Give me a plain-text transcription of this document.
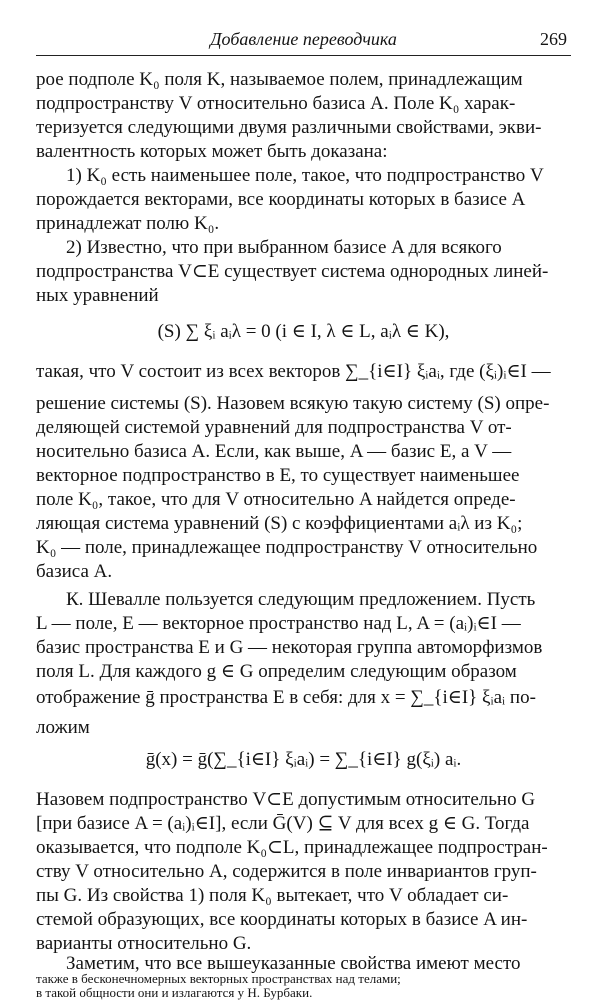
Добавление переводчика	269
рое подполе K₀ поля K, называемое полем, принадлежащим
подпространству V относительно базиса A. Поле K₀ харак-
теризуется следующими двумя различными свойствами, экви-
валентность которых может быть доказана:
1) K₀ есть наименьшее поле, такое, что подпространство V
порождается векторами, все координаты которых в базисе A
принадлежат полю K₀.
2) Известно, что при выбранном базисе A для всякого
подпространства V⊂E существует система однородных линей-
ных уравнений
(S) ∑ ξᵢ aᵢλ = 0 (i ∈ I, λ ∈ L, aᵢλ ∈ K),
такая, что V состоит из всех векторов ∑_{i∈I} ξᵢaᵢ, где (ξᵢ)ᵢ∈I —
решение системы (S). Назовем всякую такую систему (S) опре-
деляющей системой уравнений для подпространства V от-
носительно базиса A. Если, как выше, A — базис E, а V —
векторное подпространство в E, то существует наименьшее
поле K₀, такое, что для V относительно A найдется опреде-
ляющая система уравнений (S) с коэффициентами aᵢλ из K₀;
K₀ — поле, принадлежащее подпространству V относительно
базиса A.
К. Шевалле пользуется следующим предложением. Пусть
L — поле, E — векторное пространство над L, A = (aᵢ)ᵢ∈I —
базис пространства E и G — некоторая группа автоморфизмов
поля L. Для каждого g ∈ G определим следующим образом
отображение ḡ пространства E в себя: для x = ∑_{i∈I} ξᵢaᵢ по-
ложим
ḡ(x) = ḡ(∑_{i∈I} ξᵢaᵢ) = ∑_{i∈I} g(ξᵢ) aᵢ.
Назовем подпространство V⊂E допустимым относительно G
[при базисе A = (aᵢ)ᵢ∈I], если Ḡ(V) ⊆ V для всех g ∈ G. Тогда
оказывается, что подполе K₀⊂L, принадлежащее подпростран-
ству V относительно A, содержится в поле инвариантов груп-
пы G. Из свойства 1) поля K₀ вытекает, что V обладает си-
стемой образующих, все координаты которых в базисе A ин-
варианты относительно G.
Заметим, что все вышеуказанные свойства имеют место
также в бесконечномерных векторных пространствах над телами;
в такой общности они и излагаются у Н. Бурбаки.
